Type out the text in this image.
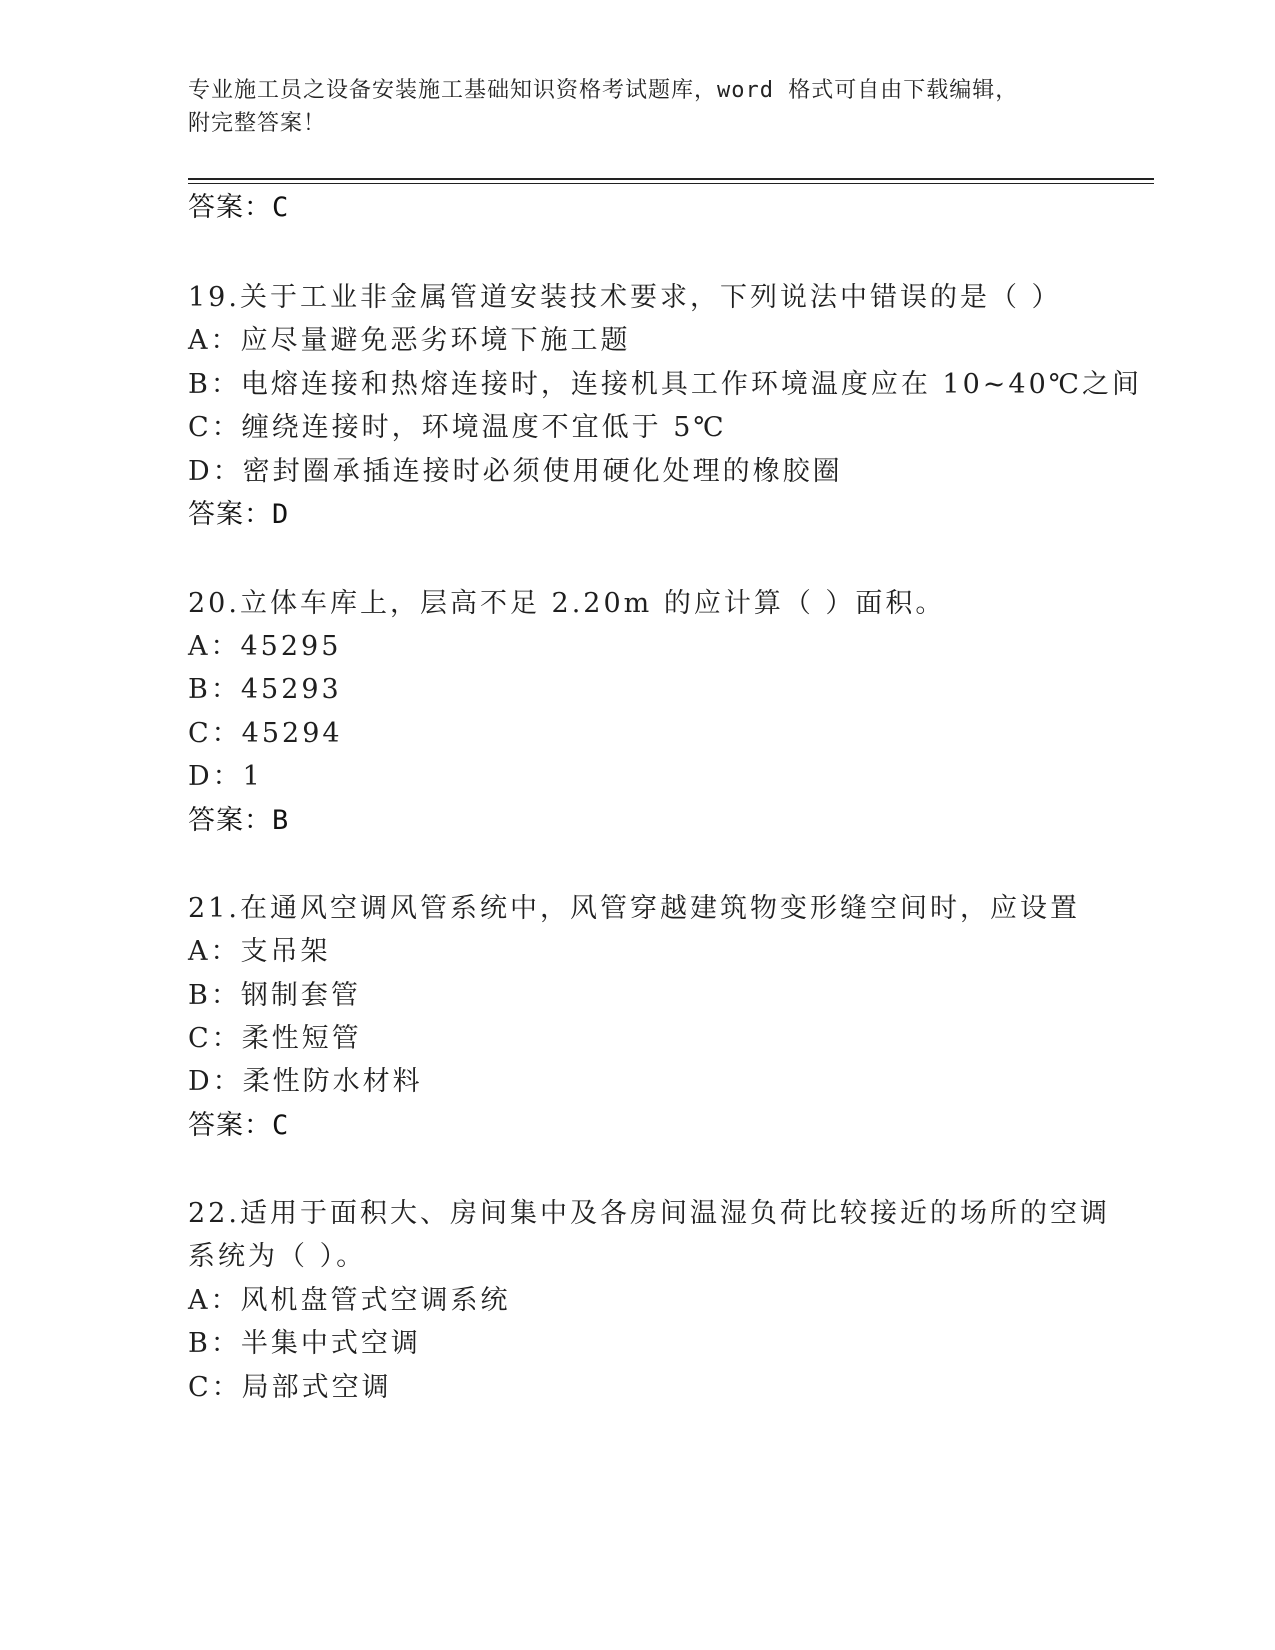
专业施工员之设备安装施工基础知识资格考试题库，word 格式可自由下载编辑，
附完整答案！
答案：C
19.关于工业非金属管道安装技术要求，下列说法中错误的是（ ）
A：应尽量避免恶劣环境下施工题
B：电熔连接和热熔连接时，连接机具工作环境温度应在 10~40℃之间
C：缠绕连接时，环境温度不宜低于 5℃
D：密封圈承插连接时必须使用硬化处理的橡胶圈
答案：D
20.立体车库上，层高不足 2.20m 的应计算（ ）面积。
A：45295
B：45293
C：45294
D：1
答案：B
21.在通风空调风管系统中，风管穿越建筑物变形缝空间时，应设置
A：支吊架
B：钢制套管
C：柔性短管
D：柔性防水材料
答案：C
22.适用于面积大、房间集中及各房间温湿负荷比较接近的场所的空调
系统为（ ）。
A：风机盘管式空调系统
B：半集中式空调
C：局部式空调
